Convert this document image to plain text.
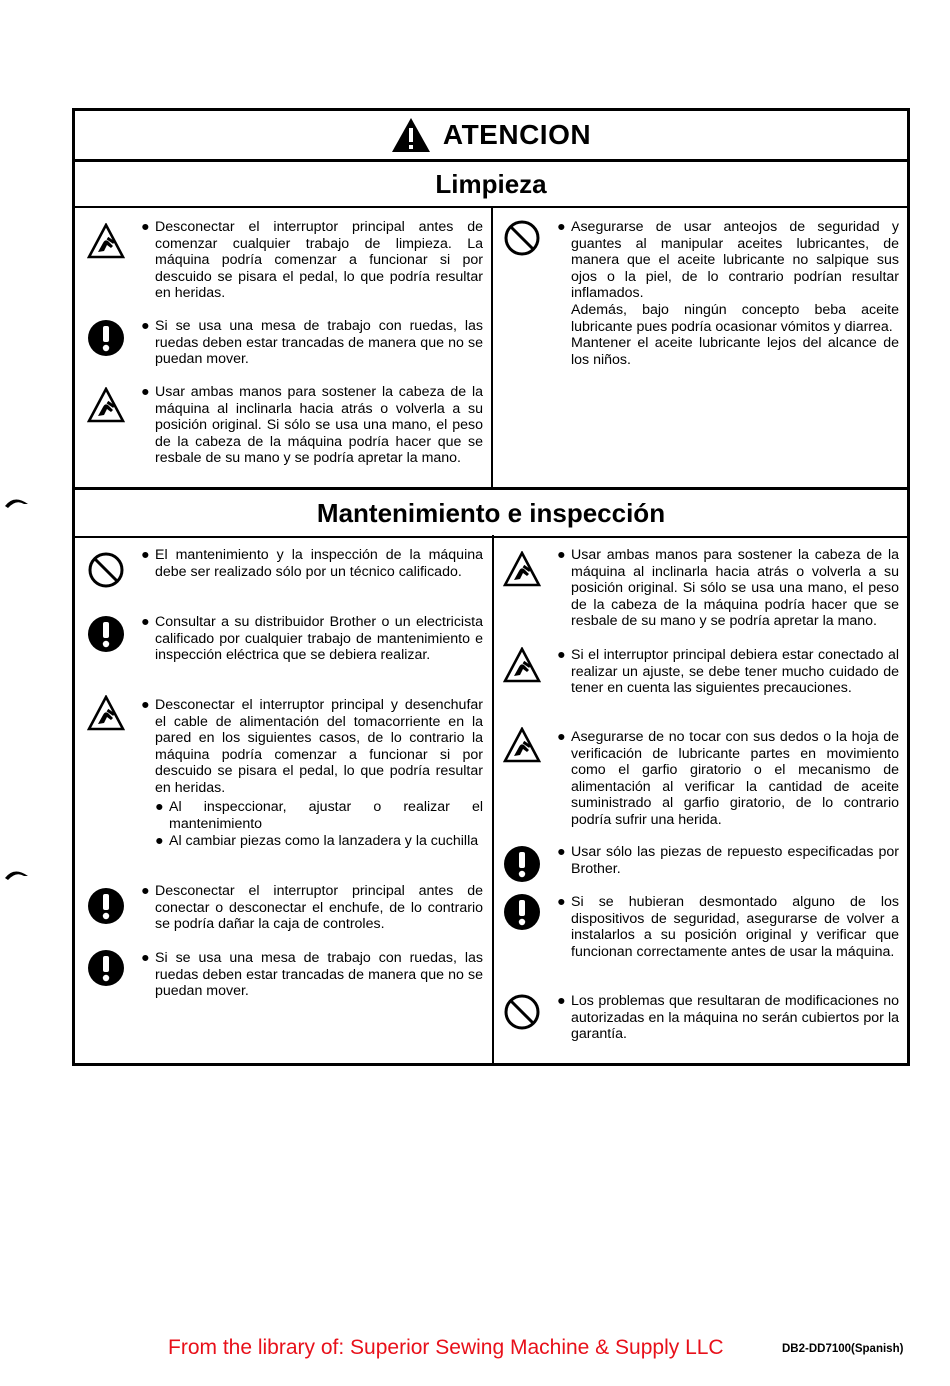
ATENCION
Limpieza
Mantenimiento e inspección
● Desconectar el interruptor principal antes de comenzar cualquier trabajo de limpieza. La máquina podría comenzar a funcionar si por descuido se pisara el pedal, lo que podría resultar en heridas.
● Si se usa una mesa de trabajo con ruedas, las ruedas deben estar trancadas de manera que no se puedan mover.
● Usar ambas manos para sostener la cabeza de la máquina al inclinarla hacia atrás o volverla a su posición original. Si sólo se usa una mano, el peso de la cabeza de la máquina podría hacer que se resbale de su mano y se podría apretar la mano.
● Asegurarse de usar anteojos de seguridad y guantes al manipular aceites lubricantes, de manera que el aceite lubricante no salpique sus ojos o la piel, de lo contrario podrían resultar inflamados.
Además, bajo ningún concepto beba aceite lubricante pues podría ocasionar vómitos y diarrea.
Mantener el aceite lubricante lejos del alcance de los niños.
● El mantenimiento y la inspección de la máquina debe ser realizado sólo por un técnico calificado.
● Consultar a su distribuidor Brother o un electricista calificado por cualquier trabajo de mantenimiento e inspección eléctrica que se debiera realizar.
● Desconectar el interruptor principal y desenchufar el cable de alimentación del tomacorriente en la pared en los siguientes casos, de lo contrario la máquina podría comenzar a funcionar si por descuido se pisara el pedal, lo que podría resultar en heridas.
● Al inspeccionar, ajustar o realizar el mantenimiento
● Al cambiar piezas como la lanzadera y la cuchilla
● Desconectar el interruptor principal antes de conectar o desconectar el enchufe, de lo contrario se podría dañar la caja de controles.
● Si se usa una mesa de trabajo con ruedas, las ruedas deben estar trancadas de manera que no se puedan mover.
● Usar ambas manos para sostener la cabeza de la máquina al inclinarla hacia atrás o volverla a su posición original. Si sólo se usa una mano, el peso de la cabeza de la máquina podría hacer que se resbale de su mano y se podría apretar la mano.
● Si el interruptor principal debiera estar conectado al realizar un ajuste, se debe tener mucho cuidado de tener en cuenta las siguientes precauciones.
● Asegurarse de no tocar con sus dedos o la hoja de verificación de lubricante partes en movimiento como el garfio giratorio o el mecanismo de alimentación al verificar la cantidad de aceite suministrado al garfio giratorio, de lo contrario podría sufrir una herida.
● Usar sólo las piezas de repuesto especificadas por Brother.
● Si se hubieran desmontado alguno de los dispositivos de seguridad, asegurarse de volver a instalarlos a su posición original y verificar que funcionan correctamente antes de usar la máquina.
● Los problemas que resultaran de modificaciones no autorizadas en la máquina no serán cubiertos por la garantía.
From the library of: Superior Sewing Machine & Supply LLC	DB2-DD7100(Spanish)
